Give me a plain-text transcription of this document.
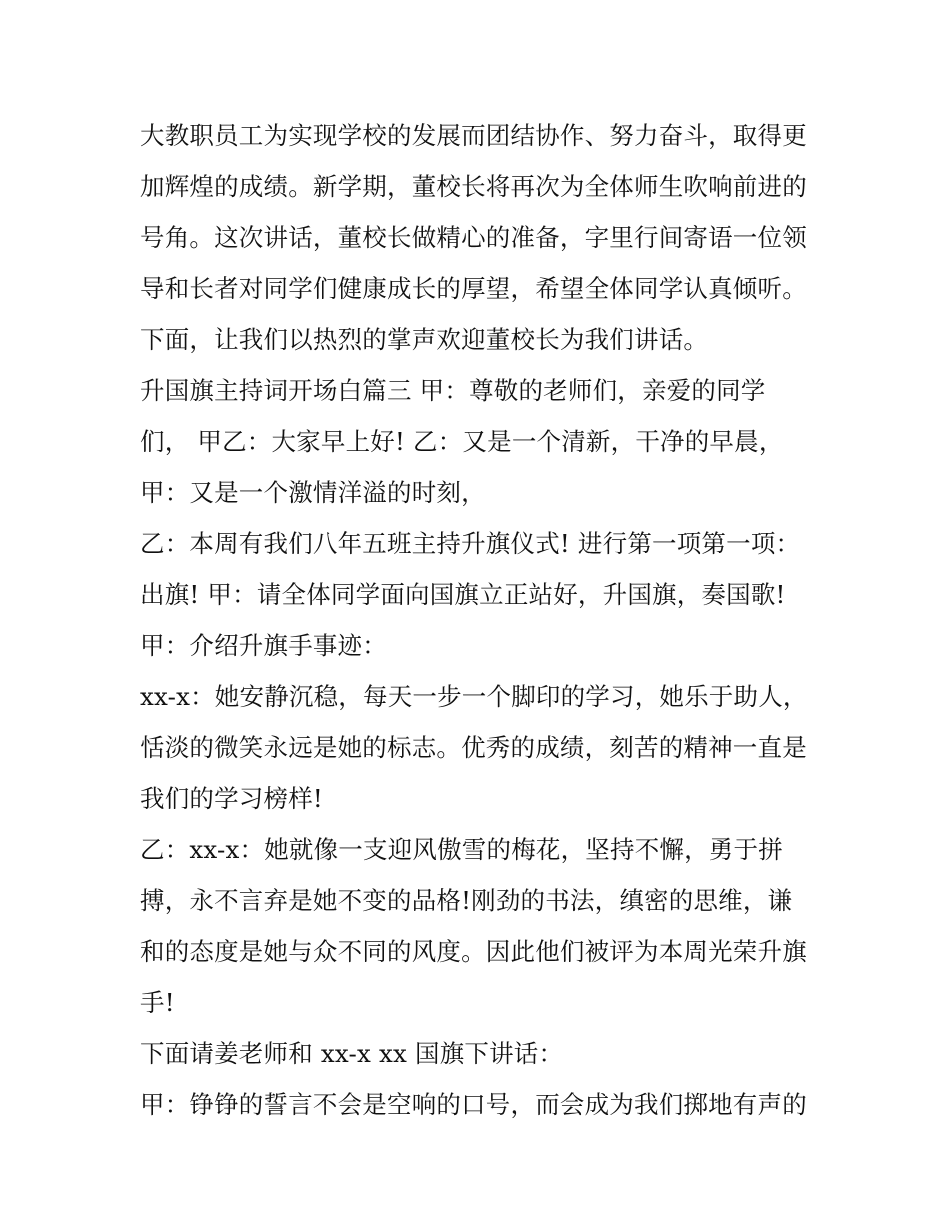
大教职员工为实现学校的发展而团结协作、努力奋斗，取得更
加辉煌的成绩。新学期，董校长将再次为全体师生吹响前进的
号角。这次讲话，董校长做精心的准备，字里行间寄语一位领
导和长者对同学们健康成长的厚望，希望全体同学认真倾听。
下面，让我们以热烈的掌声欢迎董校长为我们讲话。
升国旗主持词开场白篇三 甲：尊敬的老师们，亲爱的同学
们， 甲乙：大家早上好! 乙：又是一个清新，干净的早晨，
甲：又是一个激情洋溢的时刻，
乙：本周有我们八年五班主持升旗仪式! 进行第一项第一项：
出旗! 甲：请全体同学面向国旗立正站好，升国旗，奏国歌!
甲：介绍升旗手事迹：
xx-x：她安静沉稳，每天一步一个脚印的学习，她乐于助人，
恬淡的微笑永远是她的标志。优秀的成绩，刻苦的精神一直是
我们的学习榜样!
乙：xx-x：她就像一支迎风傲雪的梅花，坚持不懈，勇于拼
搏，永不言弃是她不变的品格!刚劲的书法，缜密的思维，谦
和的态度是她与众不同的风度。因此他们被评为本周光荣升旗
手!
下面请姜老师和 xx-x xx 国旗下讲话：
甲：铮铮的誓言不会是空响的口号，而会成为我们掷地有声的
